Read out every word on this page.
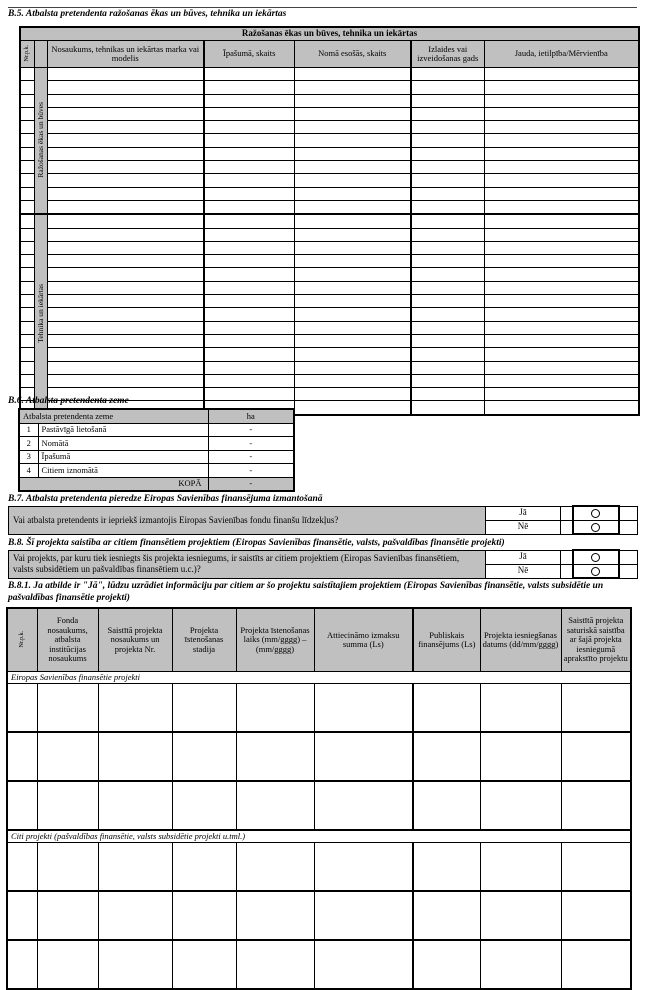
B.5. Atbalsta pretendenta ražošanas ēkas un būves, tehnika un iekārtas
Ražošanas ēkas un būves, tehnika un iekārtas						
Nr.p.k.		Nosaukums, tehnikas un iekārtas marka vai modelis	Īpašumā, skaits	Nomā esošās, skaits	Izlaides vai izveidošanas gads	Jauda, ietilpība/Mērvienība
	Ražošanas ēkas un būves					

	Tehnika un iekārtas					

B.6. Atbalsta pretendenta zeme
Atbalsta pretendenta zeme		ha
1	Pastāvīgā lietošanā	-
2	Nomātā	-
3	Īpašumā	-
4	Citiem iznomātā	-
KOPĀ		-
B.7. Atbalsta pretendenta pieredze Eiropas Savienības finansējuma izmantošanā
Vai atbalsta pretendents ir iepriekš izmantojis Eiropas Savienības fondu finanšu līdzekļus?	Jā			
	Nē			
B.8. Šī projekta saistība ar citiem finansētiem projektiem (Eiropas Savienības finansētie, valsts, pašvaldības finansētie projekti)
Vai projekts, par kuru tiek iesniegts šis projekta iesniegums, ir saistīts ar citiem projektiem (Eiropas Savienības finansētiem, valsts subsidētiem un pašvaldības finansētiem u.c.)?	Jā			
	Nē			
B.8.1. Ja atbilde ir "Jā", lūdzu uzrādiet informāciju par citiem ar šo projektu saistītajiem projektiem (Eiropas Savienības finansētie, valsts subsidētie un pašvaldības finansētie projekti)
Nr.p.k.	Fonda nosaukums, atbalsta institūcijas nosaukums	Saistītā projekta nosaukums un projekta Nr.	Projekta īstenošanas stadija	Projekta īstenošanas laiks (mm/gggg) – (mm/gggg)	Attiecināmo izmaksu summa (Ls)	Publiskais finansējums (Ls)	Projekta iesniegšanas datums (dd/mm/gggg)	Saistītā projekta saturiskā saistība ar šajā projekta iesniegumā aprakstīto projektu
Eiropas Savienības finansētie projekti								

Citi projekti (pašvaldības finansētie, valsts subsidētie projekti u.tml.)								
